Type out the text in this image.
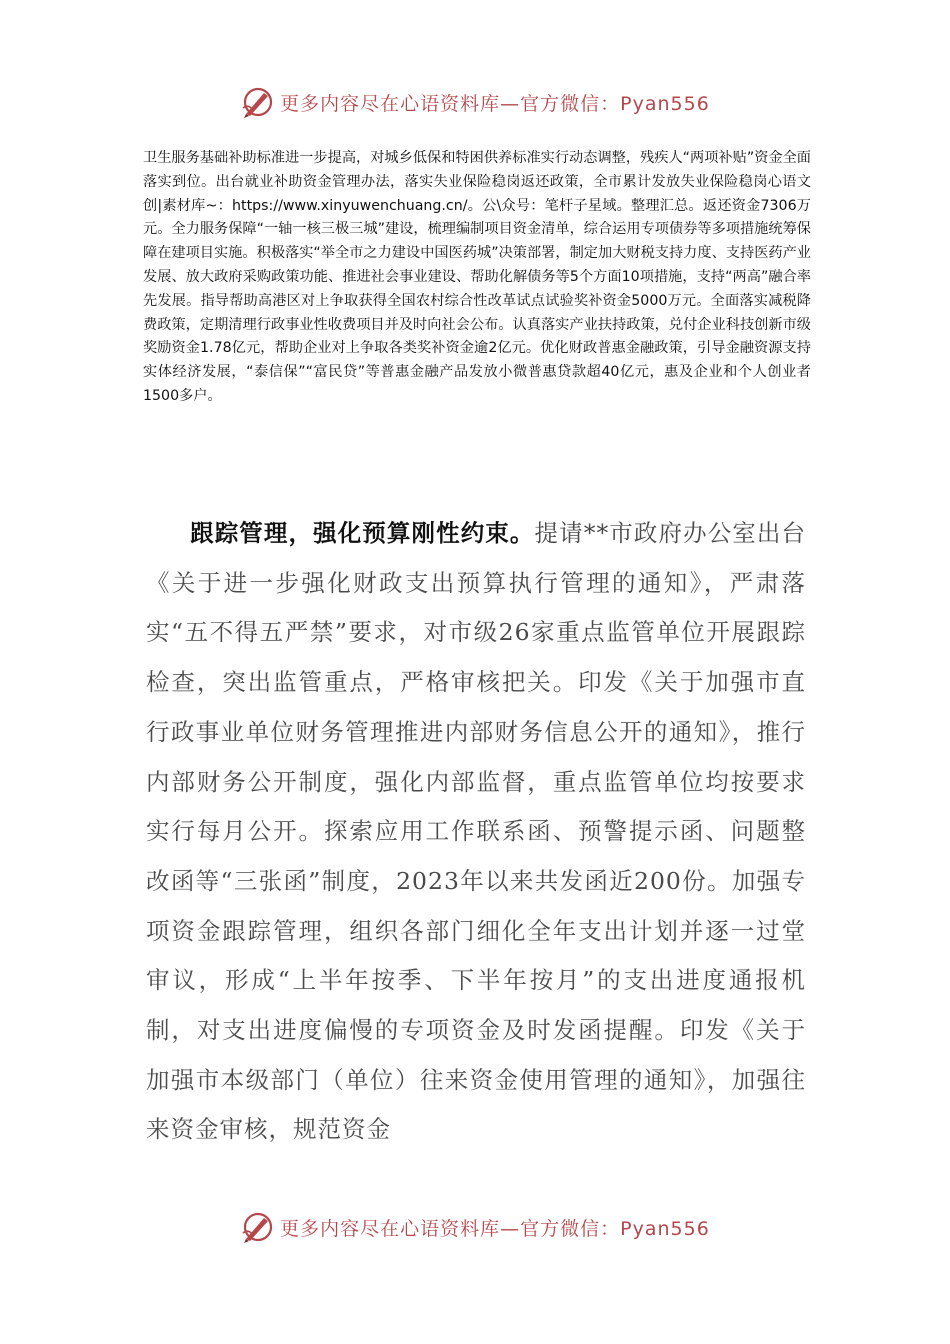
更多内容尽在心语资料库—官方微信：Pyan556

卫生服务基础补助标准进一步提高，对城乡低保和特困供养标准实行动态调整，残疾人“两项补贴”资金全面落实到位。出台就业补助资金管理办法，落实失业保险稳岗返还政策，全市累计发放失业保险稳岗心语文创|素材库~：https://www.xinyuwenchuang.cn/。公\众号：笔杆子星域。整理汇总。返还资金7306万元。全力服务保障“一轴一核三极三城”建设，梳理编制项目资金清单，综合运用专项债券等多项措施统筹保障在建项目实施。积极落实“举全市之力建设中国医药城”决策部署，制定加大财税支持力度、支持医药产业发展、放大政府采购政策功能、推进社会事业建设、帮助化解债务等5个方面10项措施，支持“两高”融合率先发展。指导帮助高港区对上争取获得全国农村综合性改革试点试验奖补资金5000万元。全面落实减税降费政策，定期清理行政事业性收费项目并及时向社会公布。认真落实产业扶持政策，兑付企业科技创新市级奖励资金1.78亿元，帮助企业对上争取各类奖补资金逾2亿元。优化财政普惠金融政策，引导金融资源支持实体经济发展，“泰信保”“富民贷”等普惠金融产品发放小微普惠贷款超40亿元，惠及企业和个人创业者1500多户。

跟踪管理，强化预算刚性约束。提请**市政府办公室出台《关于进一步强化财政支出预算执行管理的通知》，严肃落实“五不得五严禁”要求，对市级26家重点监管单位开展跟踪检查，突出监管重点，严格审核把关。印发《关于加强市直行政事业单位财务管理推进内部财务信息公开的通知》，推行内部财务公开制度，强化内部监督，重点监管单位均按要求实行每月公开。探索应用工作联系函、预警提示函、问题整改函等“三张函”制度，2023年以来共发函近200份。加强专项资金跟踪管理，组织各部门细化全年支出计划并逐一过堂审议，形成“上半年按季、下半年按月”的支出进度通报机制，对支出进度偏慢的专项资金及时发函提醒。印发《关于加强市本级部门（单位）往来资金使用管理的通知》，加强往来资金审核，规范资金

更多内容尽在心语资料库—官方微信：Pyan556
